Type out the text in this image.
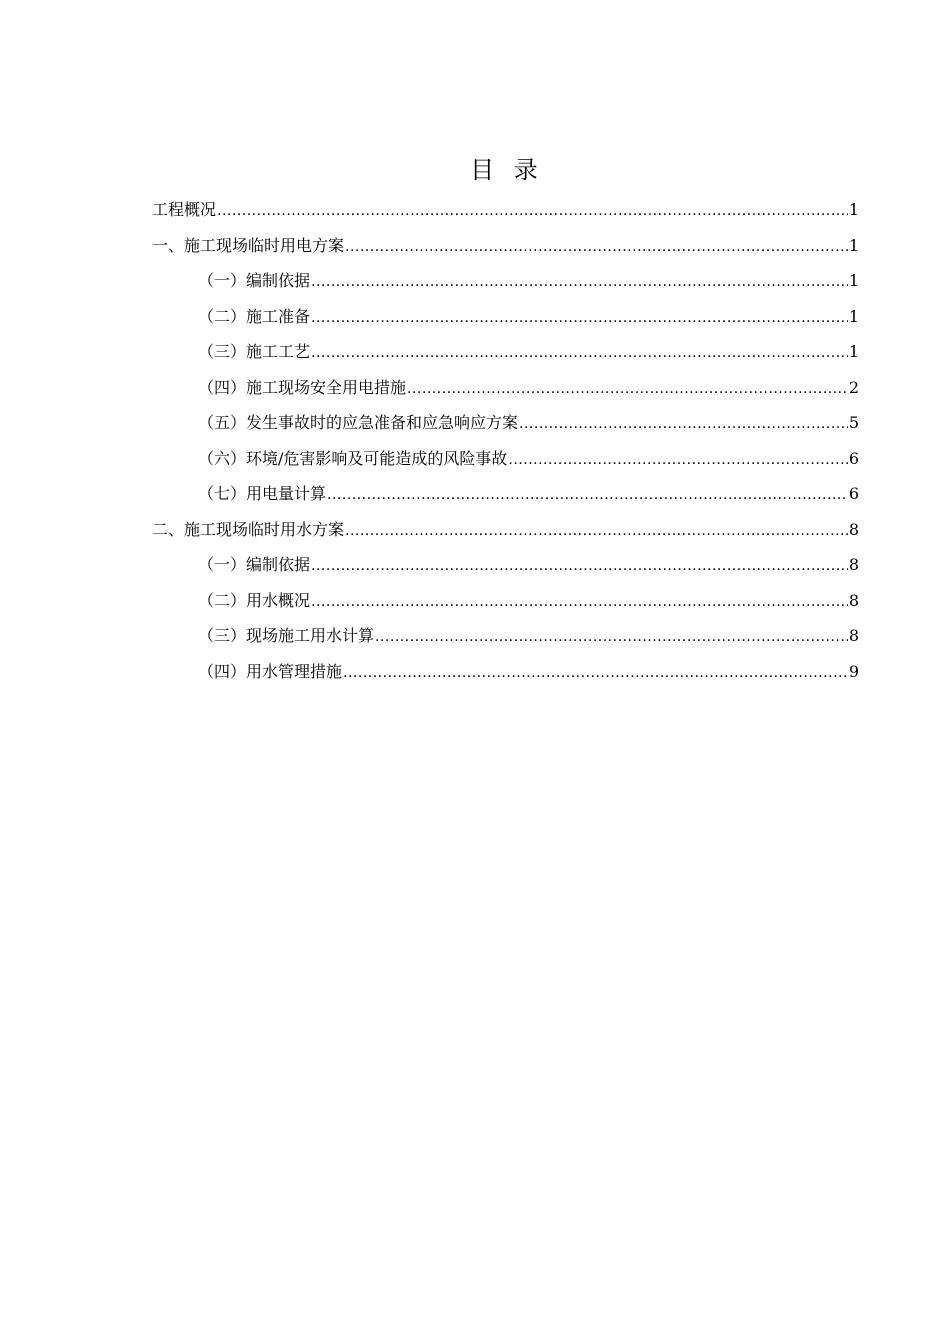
目 录
工程概况 .....	1
一、施工现场临时用电方案 .....	1
（一）编制依据 .....	1
（二）施工准备 .....	1
（三）施工工艺 .....	1
（四）施工现场安全用电措施 .....	2
（五）发生事故时的应急准备和应急响应方案 .....	5
（六）环境/危害影响及可能造成的风险事故 .....	6
（七）用电量计算 .....	6
二、施工现场临时用水方案 .....	8
（一）编制依据 .....	8
（二）用水概况 .....	8
（三）现场施工用水计算 .....	8
（四）用水管理措施 .....	9
